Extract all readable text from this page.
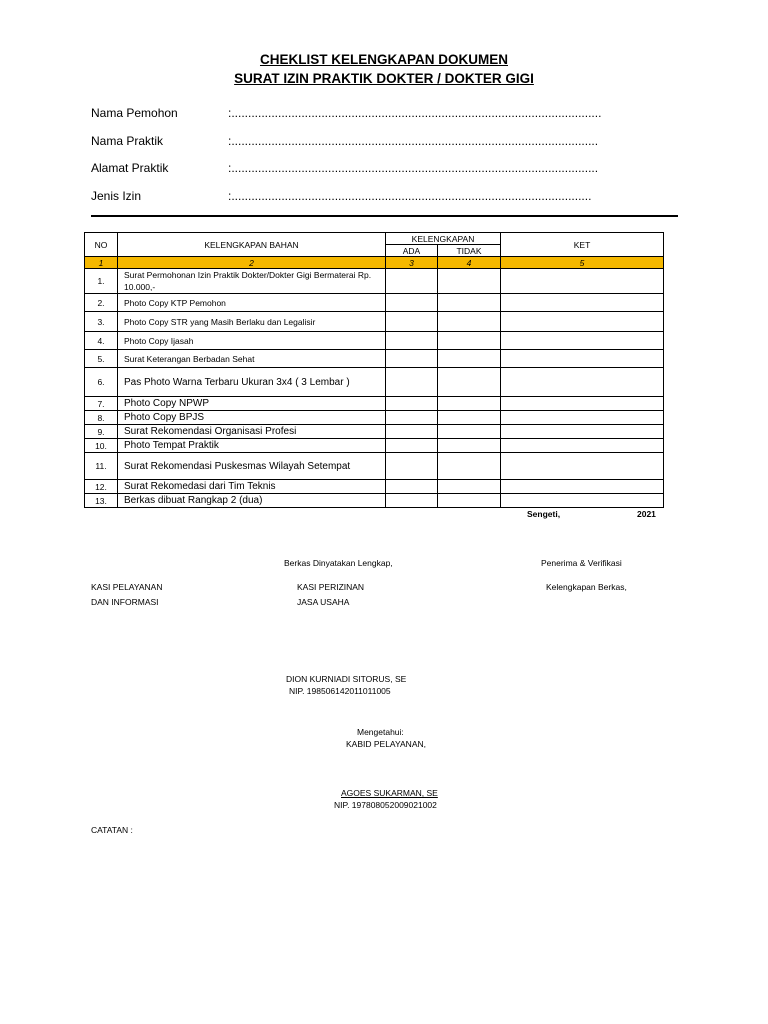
CHEKLIST KELENGKAPAN DOKUMEN
SURAT IZIN PRAKTIK DOKTER / DOKTER GIGI
Nama Pemohon	:...............................................................................................................
Nama Praktik	:..............................................................................................................
Alamat Praktik	:..............................................................................................................
Jenis Izin	:............................................................................................................
NO	KELENGKAPAN BAHAN	KELENGKAPAN		KET
		ADA	TIDAK	
1	2	3	4	5
1.	Surat Permohonan Izin Praktik Dokter/Dokter Gigi Bermaterai Rp. 10.000,-			
2.	Photo Copy KTP Pemohon			
3.	Photo Copy STR yang Masih Berlaku dan Legalisir			
4.	Photo Copy Ijasah			
5.	Surat Keterangan Berbadan Sehat			
6.	Pas Photo Warna Terbaru Ukuran 3x4 ( 3 Lembar )			
7.	Photo Copy NPWP			
8.	Photo Copy BPJS			
9.	Surat Rekomendasi Organisasi Profesi			
10.	Photo Tempat Praktik			
11.	Surat Rekomendasi Puskesmas Wilayah Setempat			
12.	Surat Rekomedasi dari Tim Teknis			
13.	Berkas dibuat Rangkap 2 (dua)			
Sengeti,	2021
Berkas Dinyatakan Lengkap,	Penerima & Verifikasi
KASI PELAYANAN
DAN INFORMASI
KASI PERIZINAN
JASA USAHA
Kelengkapan Berkas,
DION KURNIADI SITORUS, SE
NIP. 198506142011011005
Mengetahui:
KABID PELAYANAN,
AGOES SUKARMAN, SE
NIP. 197808052009021002
CATATAN :
